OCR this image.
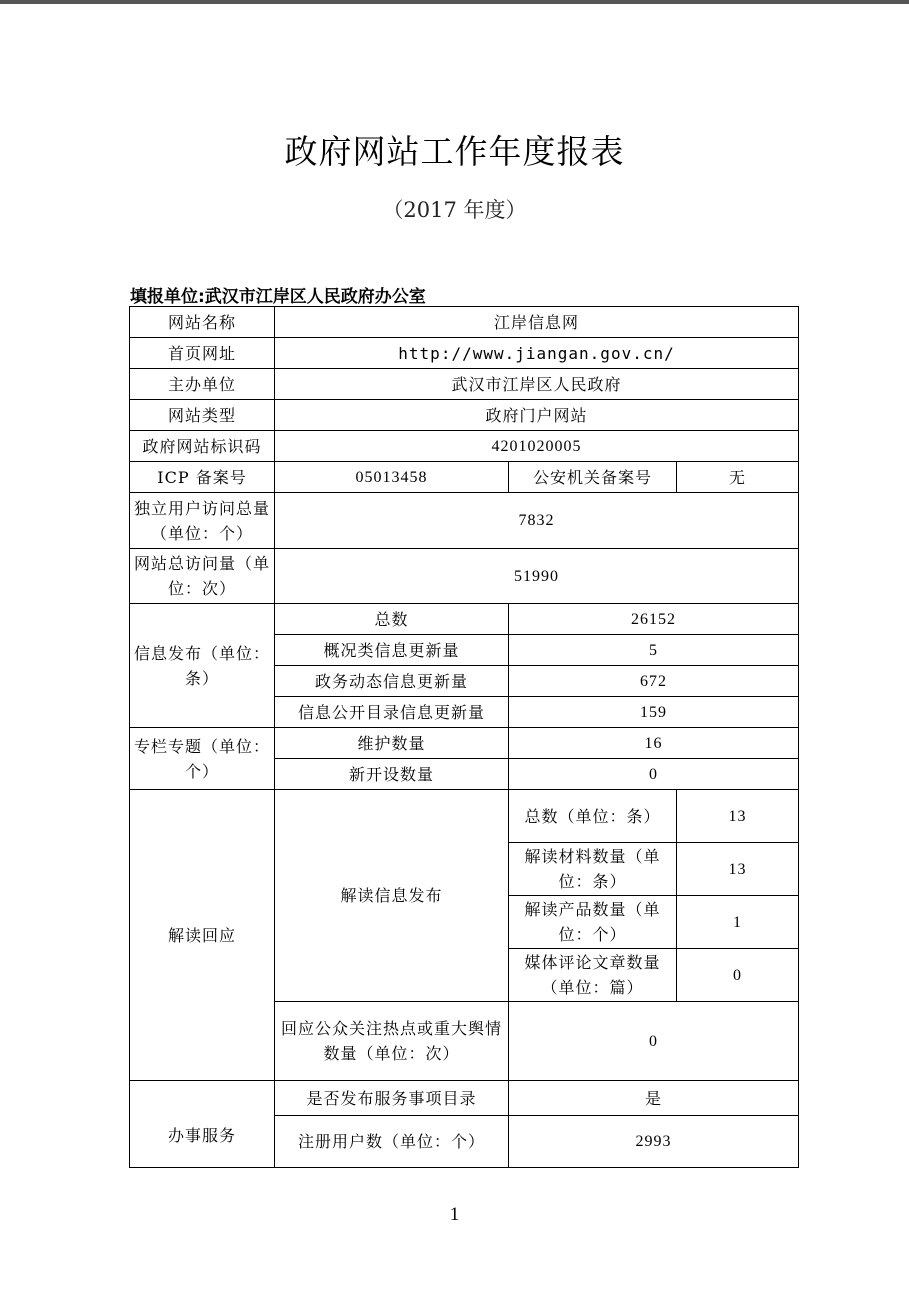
政府网站工作年度报表
（2017 年度）
填报单位:武汉市江岸区人民政府办公室
网站名称	江岸信息网		
首页网址	http://www.jiangan.gov.cn/		
主办单位	武汉市江岸区人民政府		
网站类型	政府门户网站		
政府网站标识码	4201020005		
ICP 备案号	05013458	公安机关备案号	无
独立用户访问总量（单位：个）	7832		
网站总访问量（单位：次）	51990		
信息发布（单位：条）	总数	26152	
	概况类信息更新量	5	
	政务动态信息更新量	672	
	信息公开目录信息更新量	159	
专栏专题（单位：个）	维护数量	16	
	新开设数量	0	
解读回应	解读信息发布	总数（单位：条）	13
		解读材料数量（单位：条）	13
		解读产品数量（单位：个）	1
		媒体评论文章数量（单位：篇）	0
	回应公众关注热点或重大舆情数量（单位：次）	0	
办事服务	是否发布服务事项目录	是	
	注册用户数（单位：个）	2993	
1
